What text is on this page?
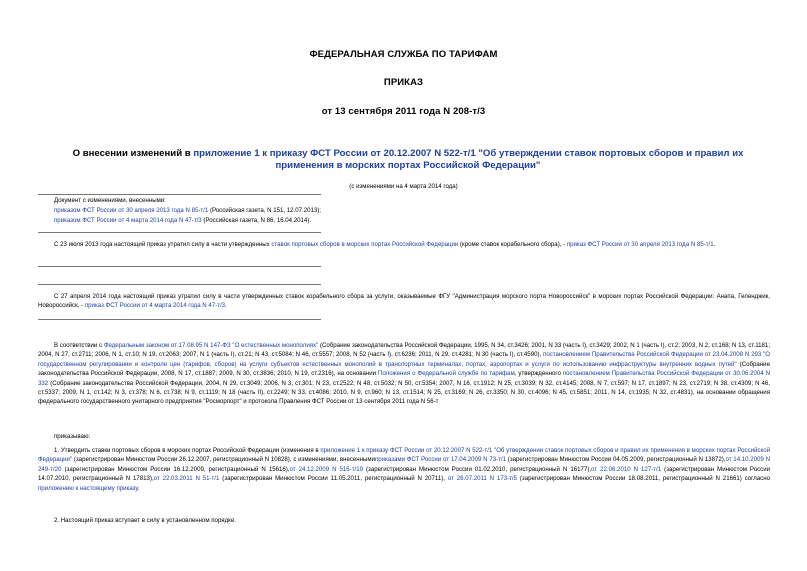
ФЕДЕРАЛЬНАЯ СЛУЖБА ПО ТАРИФАМ
ПРИКАЗ
от 13 сентября 2011 года N 208-т/3
О внесении изменений в приложение 1 к приказу ФСТ России от 20.12.2007 N 522-т/1 "Об утверждении ставок портовых сборов и правил их применения в морских портах Российской Федерации"
(с изменениями на 4 марта 2014 года)
Документ с изменениями, внесенными:
приказом ФСТ России от 30 апреля 2013 года N 85-т/1 (Российская газета, N 151, 12.07.2013);
приказом ФСТ России от 4 марта 2014 года N 47-т/3 (Российская газета, N 86, 16.04.2014).
С 23 июля 2013 года настоящий приказ утратил силу в части утвержденных ставок портовых сборов в морских портах Российской Федерации (кроме ставок корабельного сбора), - приказ ФСТ России от 30 апреля 2013 года N 85-т/1.
С 27 апреля 2014 года настоящий приказ утратил силу в части утвержденных ставок корабельного сбора за услуги, оказываемые ФГУ "Администрация морского порта Новороссийск" в морских портах Российской Федерации: Анапа, Геленджик, Новороссийск, - приказ ФСТ России от 4 марта 2014 года N 47-т/3.
В соответствии с Федеральным законом от 17.08.95 N 147-ФЗ "О естественных монополиях" (Собрание законодательства Российской Федерации, 1995, N 34, ст.3426; 2001, N 33 (часть I), ст.3429; 2002, N 1 (часть I), ст.2; 2003, N 2, ст.168; N 13, ст.1181; 2004, N 27, ст.2711; 2006, N 1, ст.10; N 19, ст.2063; 2007, N 1 (часть I), ст.21; N 43, ст.5084; N 46, ст.5557; 2008, N 52 (часть I), ст.6236; 2011, N 29, ст.4281; N 30 (часть I), ст.4590), постановлением Правительства Российской Федерации от 23.04.2008 N 293 "О государственном регулировании и контроле цен (тарифов, сборов) на услуги субъектов естественных монополий в транспортных терминалах, портах, аэропортах и услуги по использованию инфраструктуры внутренних водных путей" (Собрание законодательства Российской Федерации, 2008, N 17, ст.1887; 2009, N 30, ст.3836; 2010, N 19, ст.2316), на основании Положения о Федеральной службе по тарифам, утвержденного постановлением Правительства Российской Федерации от 30.06.2004 N 332 (Собрание законодательства Российской Федерации, 2004, N 29, ст.3049; 2006, N 3, ст.301; N 23, ст.2522; N 48, ст.5032; N 50, ст.5354; 2007, N 16, ст.1912; N 25, ст.3039; N 32, ст.4145; 2008, N 7, ст.597; N 17, ст.1897; N 23, ст.2719; N 38, ст.4309; N 46, ст.5337; 2009, N 1, ст.142; N 3, ст.378; N 6, ст.738; N 9, ст.1119; N 18 (часть II), ст.2249; N 33, ст.4086; 2010, N 9, ст.960; N 13, ст.1514; N 25, ст.3169; N 26, ст.3350; N 30, ст.4096; N 45, ст.5851; 2011, N 14, ст.1935; N 32, ст.4831), на основании обращения федерального государственного унитарного предприятия "Росморпорт" и протокола Правления ФСТ России от 13 сентября 2011 года N 56-т
приказываю:
1. Утвердить ставки портовых сборов в морских портах Российской Федерации (изменения в приложение 1 к приказу ФСТ России от 20.12.2007 N 522-т/1 "Об утверждении ставок портовых сборов и правил их применения в морских портах Российской Федерации" (зарегистрирован Минюстом России 26.12.2007, регистрационный N 10828), с изменениями, внесеннымиприказами ФСТ России от 17.04.2009 N 73-т/1 (зарегистрирован Минюстом России 04.05.2009, регистрационный N 13872),от 14.10.2009 N 249-т/20 (зарегистрирован Минюстом России 16.12.2009, регистрационный N 15616),от 24.12.2009 N 516-т/19 (зарегистрирован Минюстом России 01.02.2010, регистрационный N 16177),от 22.06.2010 N 127-т/1 (зарегистрирован Минюстом России 14.07.2010, регистрационный N 17813),от 22.03.2011 N 51-т/1 (зарегистрирован Минюстом России 11.05.2011, регистрационный N 20711), от 26.07.2011 N 173-т/5 (зарегистрирован Минюстом России 18.08.2011, регистрационный N 21661) согласно приложению к настоящему приказу.
2. Настоящий приказ вступает в силу в установленном порядке.
